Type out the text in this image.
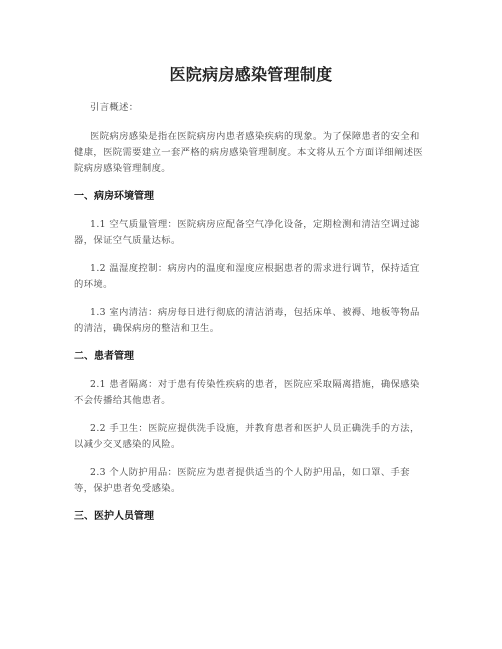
医院病房感染管理制度

引言概述：

医院病房感染是指在医院病房内患者感染疾病的现象。为了保障患者的安全和健康，医院需要建立一套严格的病房感染管理制度。本文将从五个方面详细阐述医院病房感染管理制度。

一、病房环境管理

1.1 空气质量管理：医院病房应配备空气净化设备，定期检测和清洁空调过滤器，保证空气质量达标。

1.2 温湿度控制：病房内的温度和湿度应根据患者的需求进行调节，保持适宜的环境。

1.3 室内清洁：病房每日进行彻底的清洁消毒，包括床单、被褥、地板等物品的清洁，确保病房的整洁和卫生。

二、患者管理

2.1 患者隔离：对于患有传染性疾病的患者，医院应采取隔离措施，确保感染不会传播给其他患者。

2.2 手卫生：医院应提供洗手设施，并教育患者和医护人员正确洗手的方法，以减少交叉感染的风险。

2.3 个人防护用品：医院应为患者提供适当的个人防护用品，如口罩、手套等，保护患者免受感染。

三、医护人员管理
